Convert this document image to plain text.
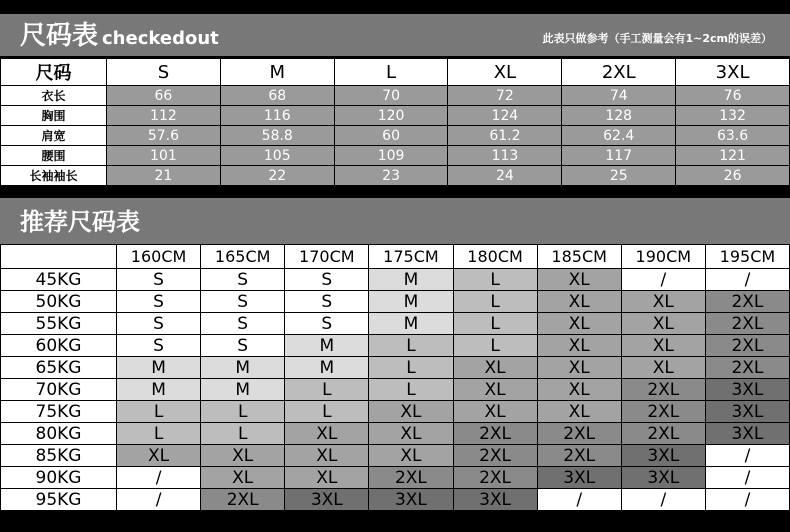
尺码表 checkedout	此表只做参考（手工测量会有1~2cm的误差）
尺码	S	M	L	XL	2XL	3XL
衣长	66	68	70	72	74	76
胸围	112	116	120	124	128	132
肩宽	57.6	58.8	60	61.2	62.4	63.6
腰围	101	105	109	113	117	121
长袖袖长	21	22	23	24	25	26
推荐尺码表
	160CM	165CM	170CM	175CM	180CM	185CM	190CM	195CM
45KG	S	S	S	M	L	XL	/	/
50KG	S	S	S	M	L	XL	XL	2XL
55KG	S	S	S	M	L	XL	XL	2XL
60KG	S	S	M	L	L	XL	XL	2XL
65KG	M	M	M	L	XL	XL	XL	2XL
70KG	M	M	L	L	XL	XL	2XL	3XL
75KG	L	L	L	XL	XL	XL	2XL	3XL
80KG	L	L	XL	XL	2XL	2XL	2XL	3XL
85KG	XL	XL	XL	XL	2XL	2XL	3XL	/
90KG	/	XL	XL	2XL	2XL	3XL	3XL	/
95KG	/	2XL	3XL	3XL	3XL	/	/	/
